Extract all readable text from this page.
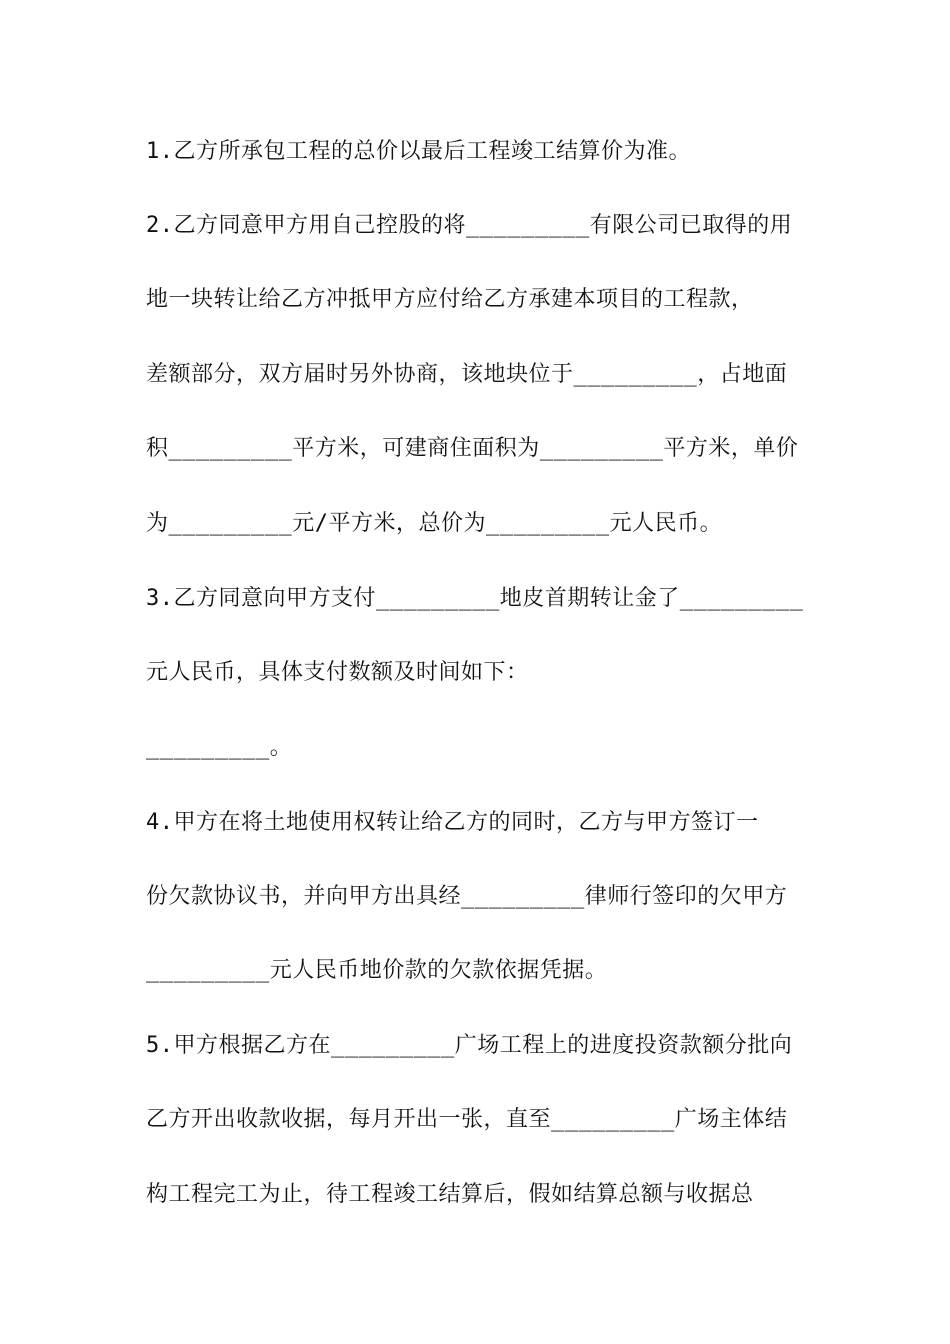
1.乙方所承包工程的总价以最后工程竣工结算价为准。
2.乙方同意甲方用自己控股的将_________有限公司已取得的用
地一块转让给乙方冲抵甲方应付给乙方承建本项目的工程款，
差额部分，双方届时另外协商，该地块位于_________，占地面
积_________平方米，可建商住面积为_________平方米，单价
为_________元/平方米，总价为_________元人民币。
3.乙方同意向甲方支付_________地皮首期转让金了_________
元人民币，具体支付数额及时间如下：
_________。
4.甲方在将土地使用权转让给乙方的同时，乙方与甲方签订一
份欠款协议书，并向甲方出具经_________律师行签印的欠甲方
_________元人民币地价款的欠款依据凭据。
5.甲方根据乙方在_________广场工程上的进度投资款额分批向
乙方开出收款收据，每月开出一张，直至_________广场主体结
构工程完工为止，待工程竣工结算后，假如结算总额与收据总
